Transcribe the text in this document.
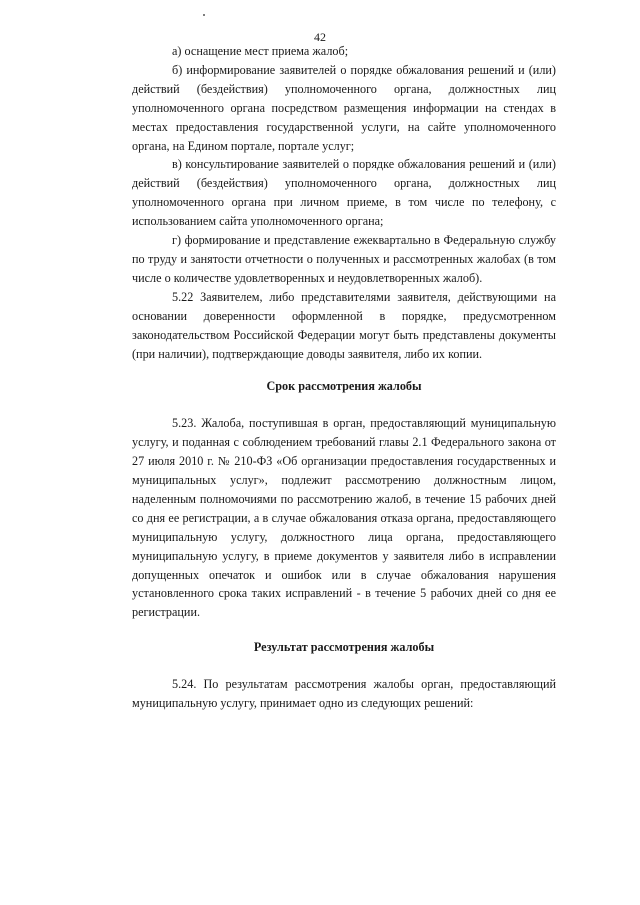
42

а) оснащение мест приема жалоб;

б) информирование заявителей о порядке обжалования решений и (или) действий (бездействия) уполномоченного органа, должностных лиц уполномоченного органа посредством размещения информации на стендах в местах предоставления государственной услуги, на сайте уполномоченного органа, на Едином портале, портале услуг;

в) консультирование заявителей о порядке обжалования решений и (или) действий (бездействия) уполномоченного органа, должностных лиц уполномоченного органа при личном приеме, в том числе по телефону, с использованием сайта уполномоченного органа;

г) формирование и представление ежеквартально в Федеральную службу по труду и занятости отчетности о полученных и рассмотренных жалобах (в том числе о количестве удовлетворенных и неудовлетворенных жалоб).

5.22 Заявителем, либо представителями заявителя, действующими на основании доверенности оформленной в порядке, предусмотренном законодательством Российской Федерации могут быть представлены документы (при наличии), подтверждающие доводы заявителя, либо их копии.

Срок рассмотрения жалобы

5.23. Жалоба, поступившая в орган, предоставляющий муниципальную услугу, и поданная с соблюдением требований главы 2.1 Федерального закона от 27 июля 2010 г. № 210-ФЗ «Об организации предоставления государственных и муниципальных услуг», подлежит рассмотрению должностным лицом, наделенным полномочиями по рассмотрению жалоб, в течение 15 рабочих дней со дня ее регистрации, а в случае обжалования отказа органа, предоставляющего муниципальную услугу, должностного лица органа, предоставляющего муниципальную услугу, в приеме документов у заявителя либо в исправлении допущенных опечаток и ошибок или в случае обжалования нарушения установленного срока таких исправлений - в течение 5 рабочих дней со дня ее регистрации.

Результат рассмотрения жалобы

5.24. По результатам рассмотрения жалобы орган, предоставляющий муниципальную услугу, принимает одно из следующих решений:
